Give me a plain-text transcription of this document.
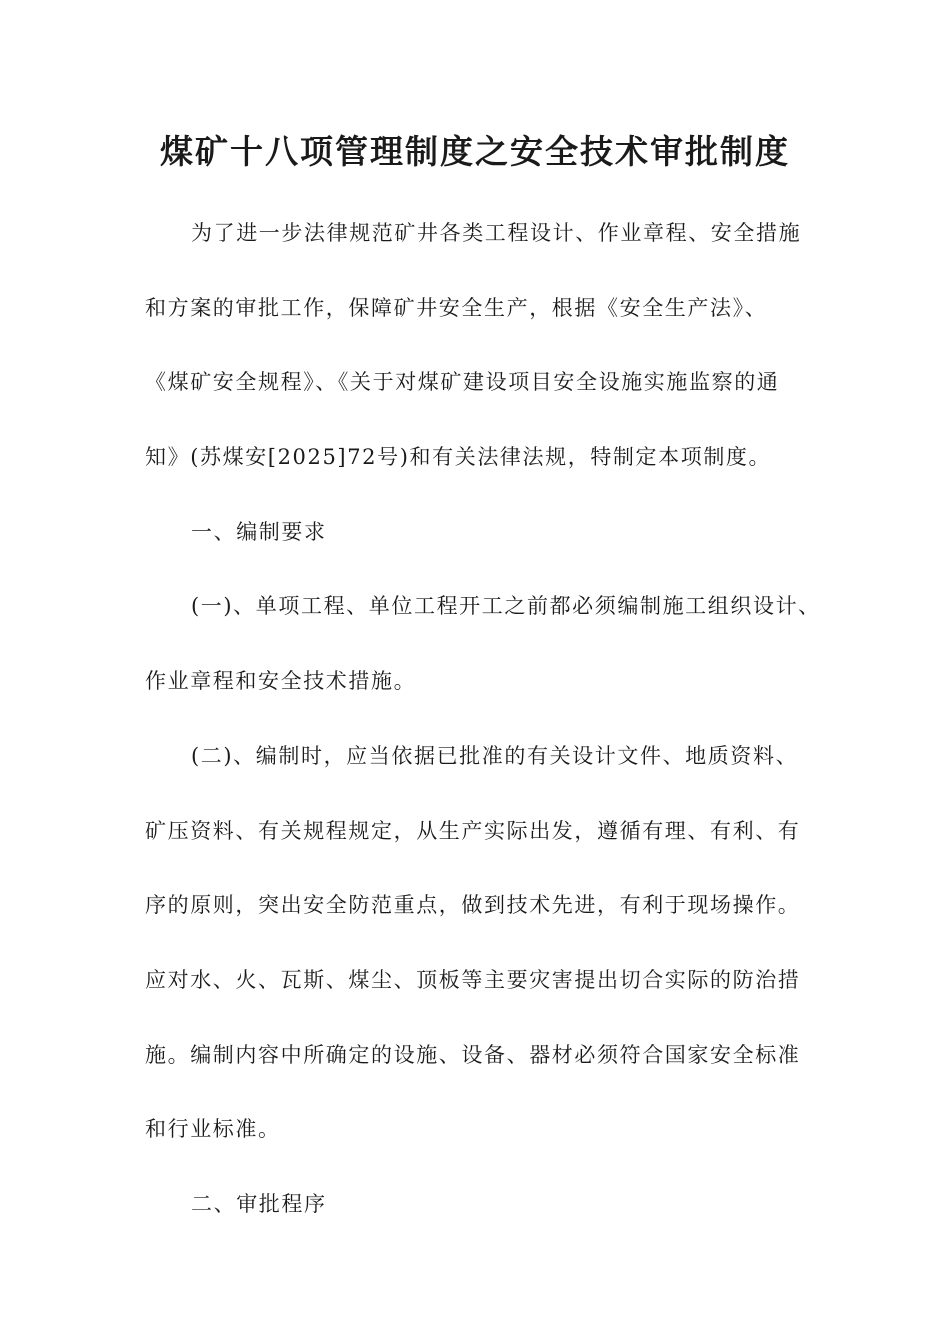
煤矿十八项管理制度之安全技术审批制度
为了进一步法律规范矿井各类工程设计、作业章程、安全措施
和方案的审批工作，保障矿井安全生产，根据《安全生产法》、
《煤矿安全规程》、《关于对煤矿建设项目安全设施实施监察的通
知》(苏煤安[2025]72号)和有关法律法规，特制定本项制度。
一、编制要求
(一)、单项工程、单位工程开工之前都必须编制施工组织设计、
作业章程和安全技术措施。
(二)、编制时，应当依据已批准的有关设计文件、地质资料、
矿压资料、有关规程规定，从生产实际出发，遵循有理、有利、有
序的原则，突出安全防范重点，做到技术先进，有利于现场操作。
应对水、火、瓦斯、煤尘、顶板等主要灾害提出切合实际的防治措
施。编制内容中所确定的设施、设备、器材必须符合国家安全标准
和行业标准。
二、审批程序
